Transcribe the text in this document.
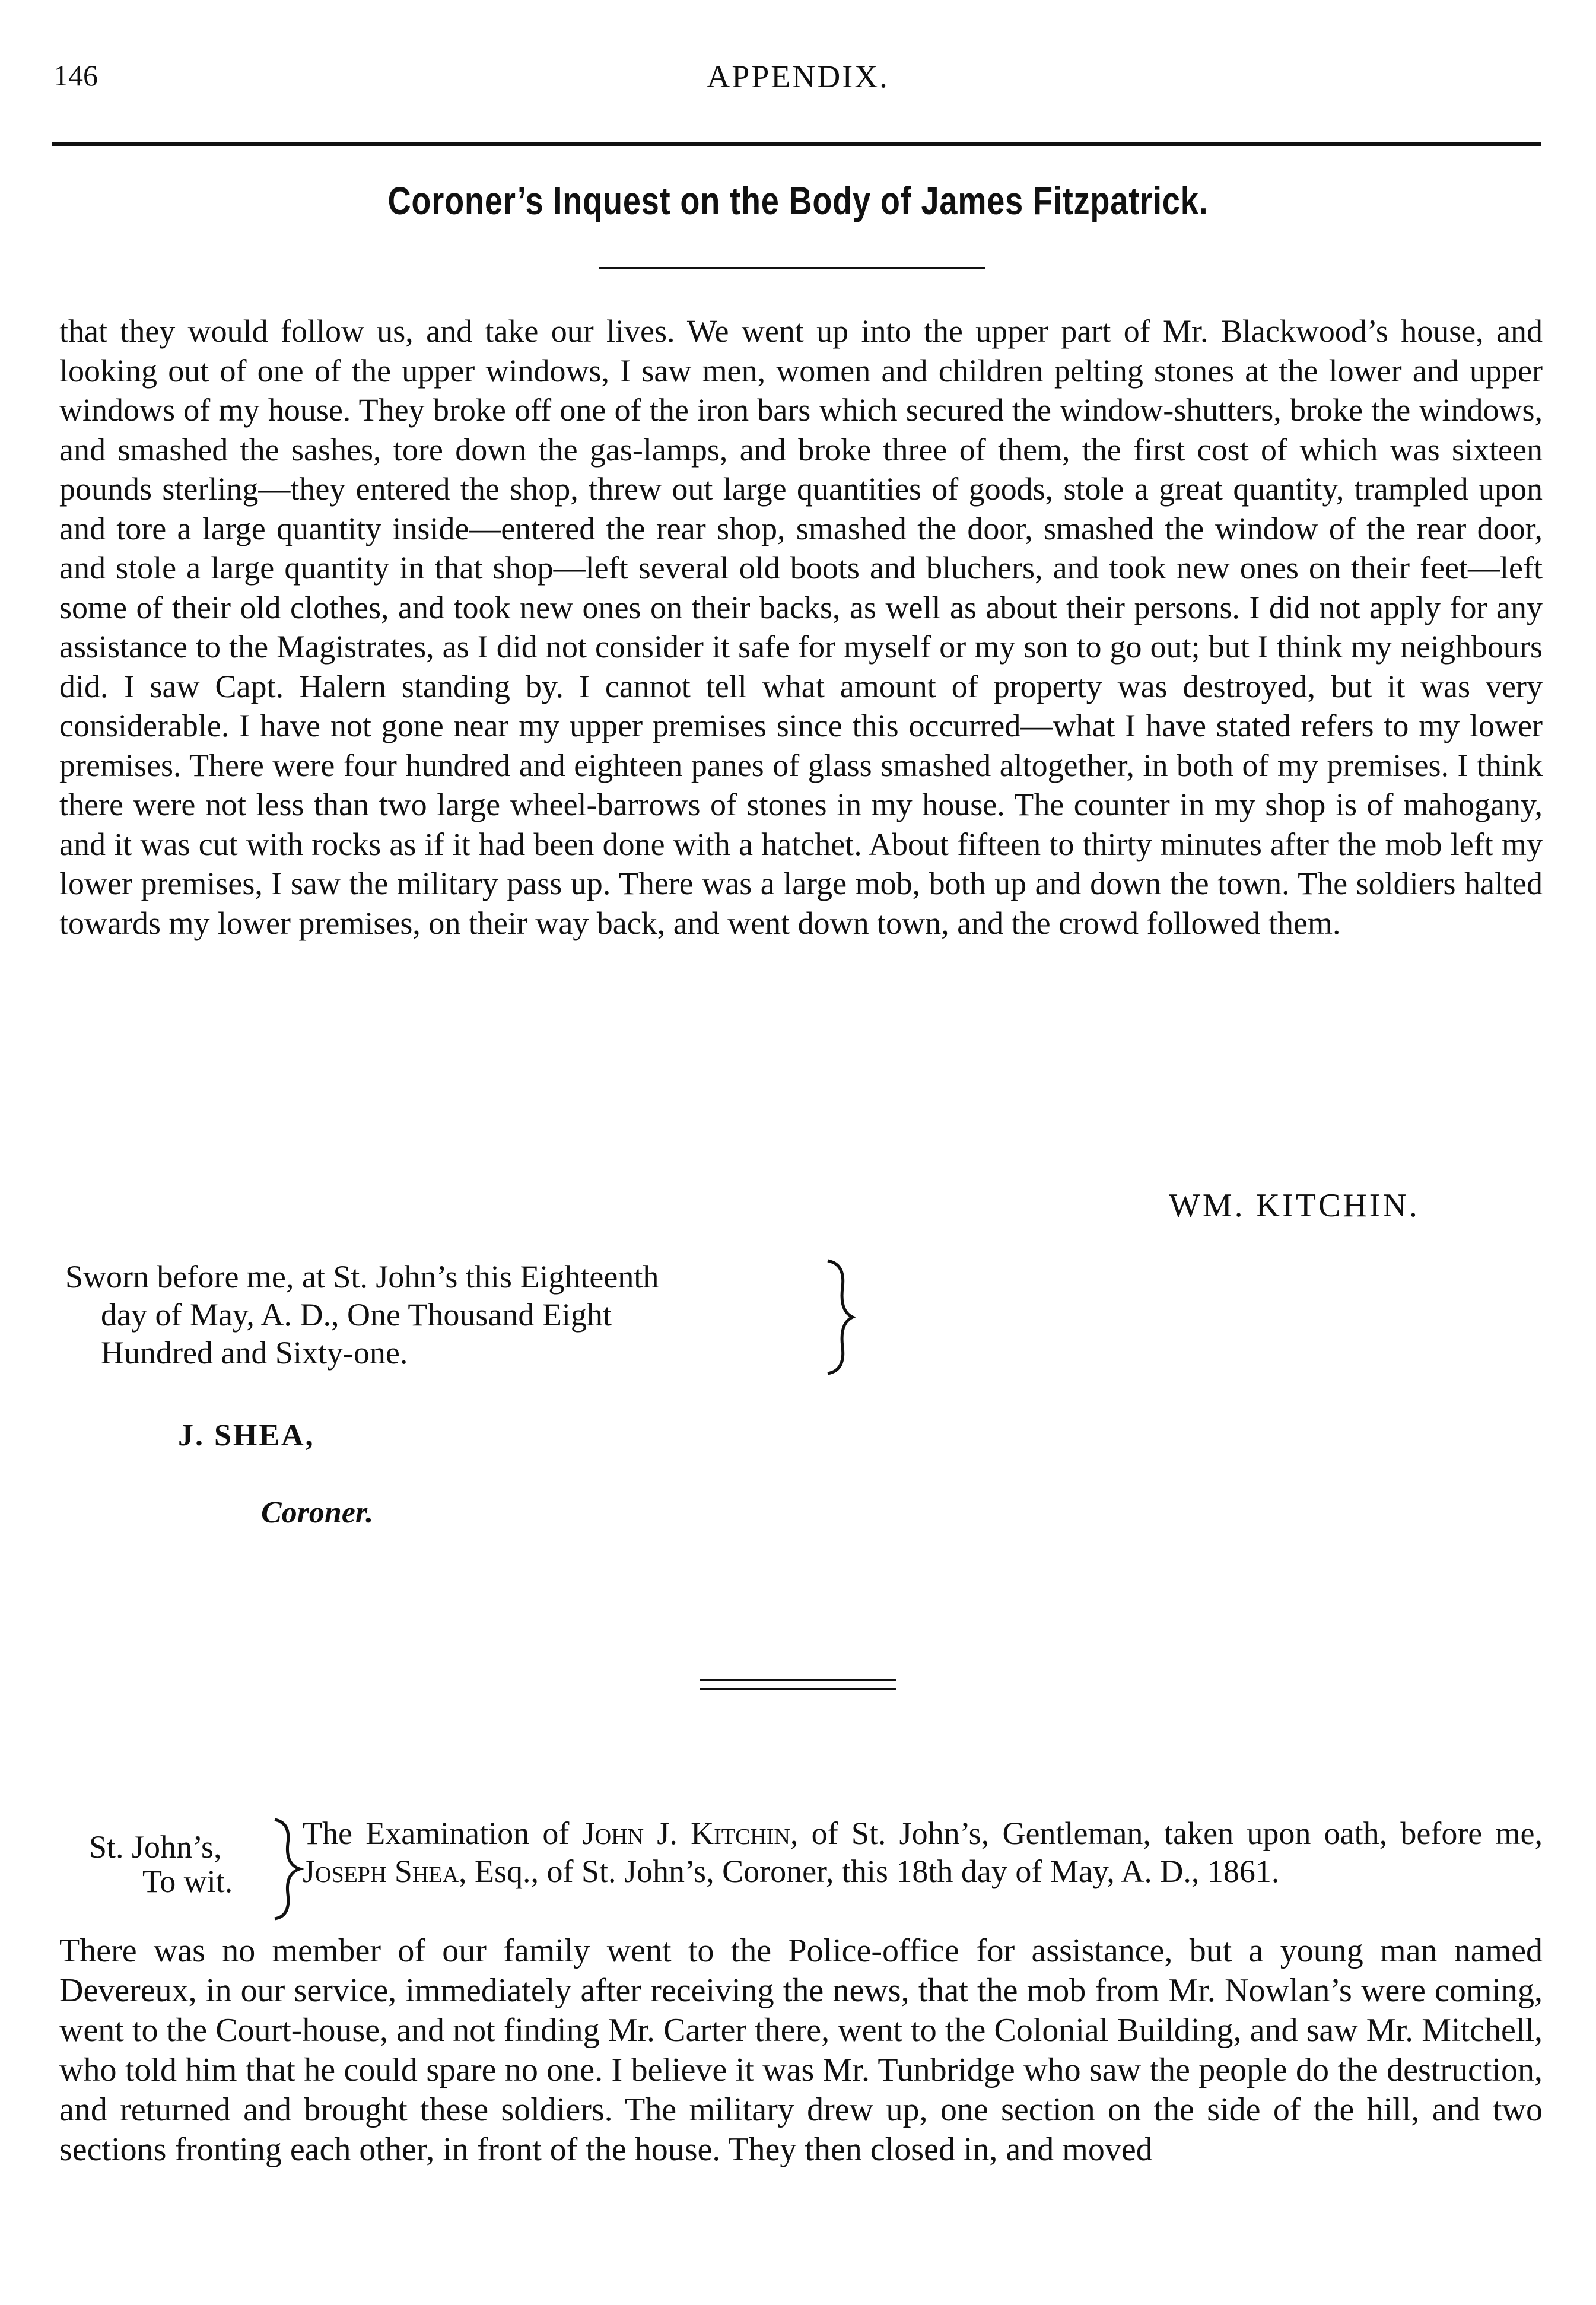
146	APPENDIX.
Coroner’s Inquest on the Body of James Fitzpatrick.

that they would follow us, and take our lives. We went up into the upper part of Mr. Blackwood’s house, and looking out of one of the upper windows, I saw men, women and children pelting stones at the lower and upper windows of my house. They broke off one of the iron bars which secured the window-shutters, broke the windows, and smashed the sashes, tore down the gas-lamps, and broke three of them, the first cost of which was sixteen pounds sterling—they entered the shop, threw out large quantities of goods, stole a great quantity, trampled upon and tore a large quantity inside—entered the rear shop, smashed the door, smashed the window of the rear door, and stole a large quantity in that shop—left several old boots and bluchers, and took new ones on their feet—left some of their old clothes, and took new ones on their backs, as well as about their persons. I did not apply for any assistance to the Magistrates, as I did not consider it safe for myself or my son to go out; but I think my neighbours did. I saw Capt. Halern standing by. I cannot tell what amount of property was destroyed, but it was very considerable. I have not gone near my upper premises since this occurred—what I have stated refers to my lower premises. There were four hundred and eighteen panes of glass smashed altogether, in both of my premises. I think there were not less than two large wheel-barrows of stones in my house. The counter in my shop is of mahogany, and it was cut with rocks as if it had been done with a hatchet. About fifteen to thirty minutes after the mob left my lower premises, I saw the military pass up. There was a large mob, both up and down the town. The soldiers halted towards my lower premises, on their way back, and went down town, and the crowd followed them.

WM. KITCHIN.
Sworn before me, at St. John’s this Eighteenth
day of May, A. D., One Thousand Eight
Hundred and Sixty-one.
J. SHEA,
Coroner.
St. John’s,
To wit.
The Examination of John J. Kitchin, of St. John’s, Gentleman, taken upon oath, before me, Joseph Shea, Esq., of St. John’s, Coroner, this 18th day of May, A. D., 1861.

There was no member of our family went to the Police-office for assistance, but a young man named Devereux, in our service, immediately after receiving the news, that the mob from Mr. Nowlan’s were coming, went to the Court-house, and not finding Mr. Carter there, went to the Colonial Building, and saw Mr. Mitchell, who told him that he could spare no one. I believe it was Mr. Tunbridge who saw the people do the destruction, and returned and brought these soldiers. The military drew up, one section on the side of the hill, and two sections fronting each other, in front of the house. They then closed in, and moved
